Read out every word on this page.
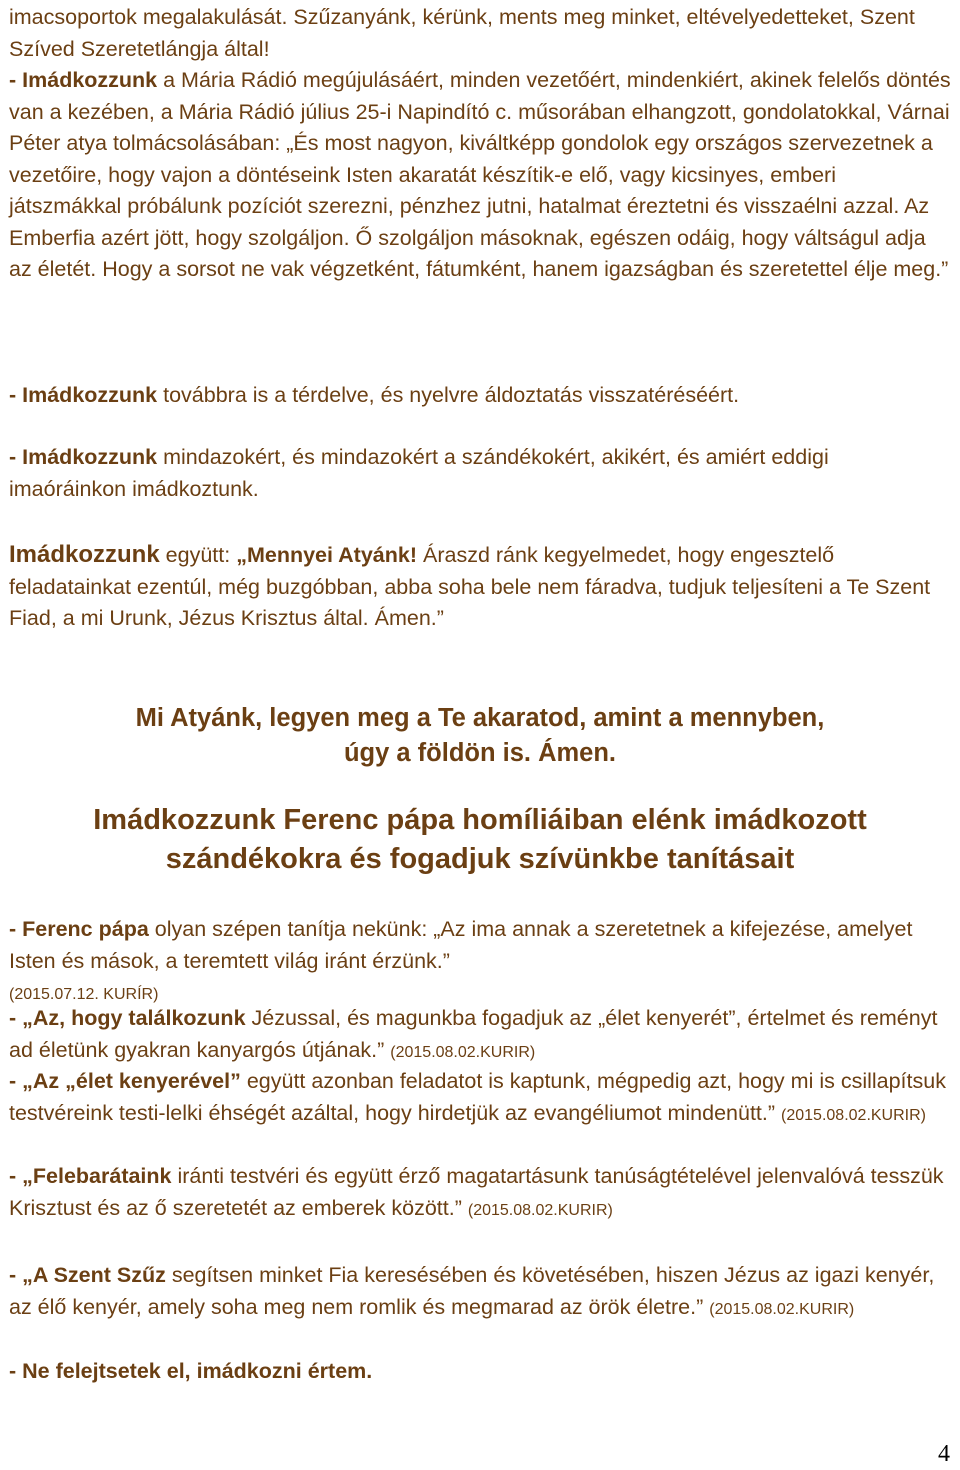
imacsoportok megalakulását. Szűzanyánk, kérünk, ments meg minket, eltévelyedetteket, Szent Szíved Szeretetlángja által!
- Imádkozzunk a Mária Rádió megújulásáért, minden vezetőért, mindenkiért, akinek felelős döntés van a kezében, a Mária Rádió július 25-i Napindító c. műsorában elhangzott, gondolatokkal, Várnai Péter atya tolmácsolásában: „És most nagyon, kiváltképp gondolok egy országos szervezetnek a vezetőire, hogy vajon a döntéseink Isten akaratát készítik-e elő, vagy kicsinyes, emberi játszmákkal próbálunk pozíciót szerezni, pénzhez jutni, hatalmat éreztetni és visszaélni azzal. Az Emberfia azért jött, hogy szolgáljon. Ő szolgáljon másoknak, egészen odáig, hogy váltságul adja az életét. Hogy a sorsot ne vak végzetként, fátumként, hanem igazságban és szeretettel élje meg.”

- Imádkozzunk továbbra is a térdelve, és nyelvre áldoztatás visszatéréséért.

- Imádkozzunk mindazokért, és mindazokért a szándékokért, akikért, és amiért eddigi imaóráinkon imádkoztunk.

Imádkozzunk együtt: „Mennyei Atyánk! Áraszd ránk kegyelmedet, hogy engesztelő feladatainkat ezentúl, még buzgóbban, abba soha bele nem fáradva, tudjuk teljesíteni a Te Szent Fiad, a mi Urunk, Jézus Krisztus által. Ámen.”

Mi Atyánk, legyen meg a Te akaratod, amint a mennyben,
úgy a földön is. Ámen.
Imádkozzunk Ferenc pápa homíliáiban elénk imádkozott
szándékokra és fogadjuk szívünkbe tanításait

- Ferenc pápa olyan szépen tanítja nekünk: „Az ima annak a szeretetnek a kifejezése, amelyet Isten és mások, a teremtett világ iránt érzünk.”
(2015.07.12. KURÍR)

- „Az, hogy találkozunk Jézussal, és magunkba fogadjuk az „élet kenyerét”, értelmet és reményt ad életünk gyakran kanyargós útjának.” (2015.08.02.KURIR)

- „Az „élet kenyerével” együtt azonban feladatot is kaptunk, mégpedig azt, hogy mi is csillapítsuk testvéreink testi-lelki éhségét azáltal, hogy hirdetjük az evangéliumot mindenütt.” (2015.08.02.KURIR)

- „Felebarátaink iránti testvéri és együtt érző magatartásunk tanúságtételével jelenvalóvá tesszük Krisztust és az ő szeretetét az emberek között.” (2015.08.02.KURIR)

- „A Szent Szűz segítsen minket Fia keresésében és követésében, hiszen Jézus az igazi kenyér, az élő kenyér, amely soha meg nem romlik és megmarad az örök életre.” (2015.08.02.KURIR)

- Ne felejtsetek el, imádkozni értem.

4
